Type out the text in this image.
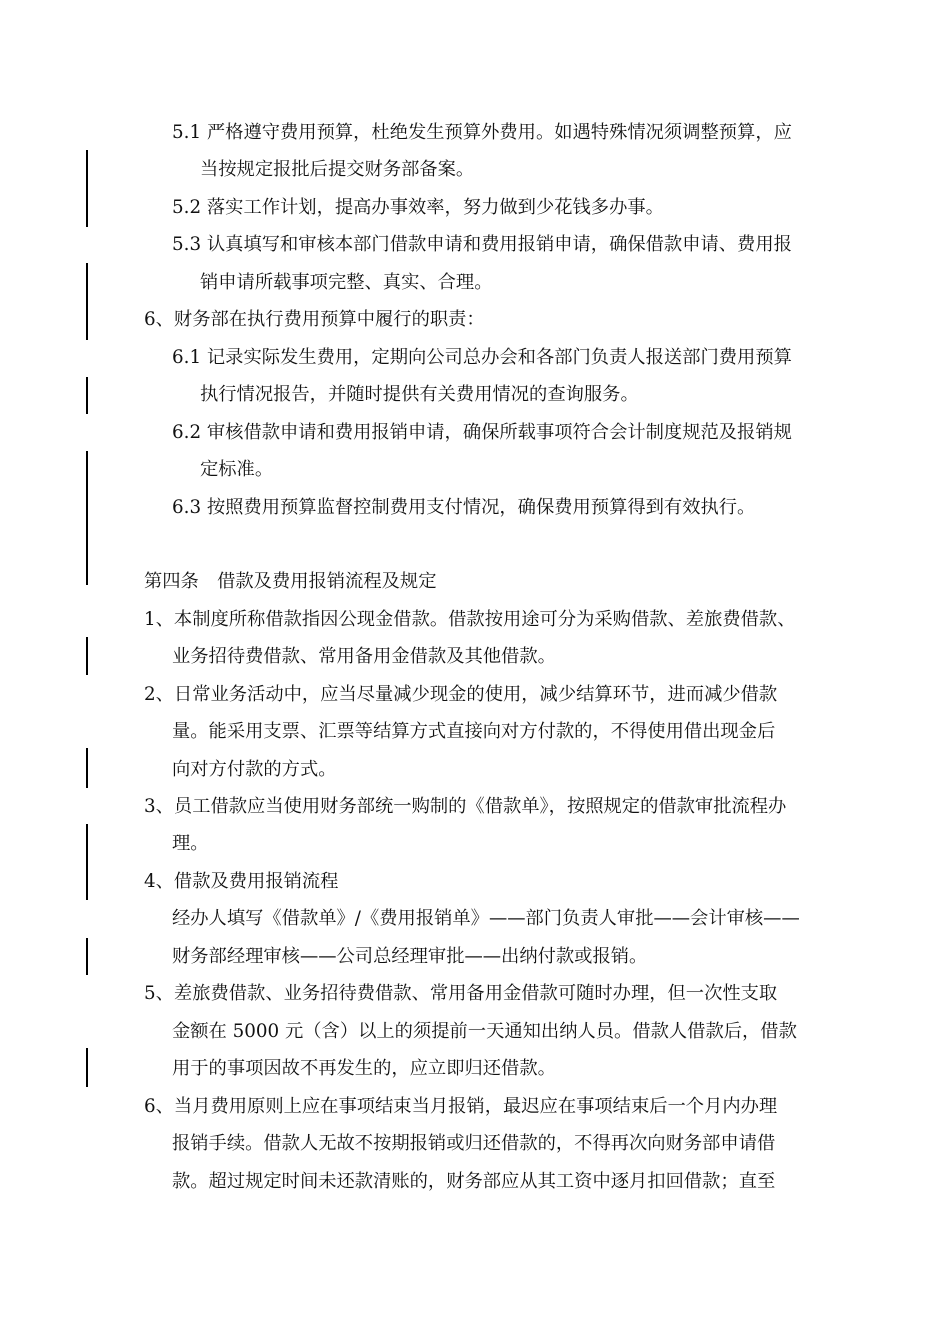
5.1 严格遵守费用预算，杜绝发生预算外费用。如遇特殊情况须调整预算，应
当按规定报批后提交财务部备案。
5.2 落实工作计划，提高办事效率，努力做到少花钱多办事。
5.3 认真填写和审核本部门借款申请和费用报销申请，确保借款申请、费用报
销申请所载事项完整、真实、合理。
6、财务部在执行费用预算中履行的职责：
6.1 记录实际发生费用，定期向公司总办会和各部门负责人报送部门费用预算
执行情况报告，并随时提供有关费用情况的查询服务。
6.2 审核借款申请和费用报销申请，确保所载事项符合会计制度规范及报销规
定标准。
6.3 按照费用预算监督控制费用支付情况，确保费用预算得到有效执行。
第四条　借款及费用报销流程及规定
1、本制度所称借款指因公现金借款。借款按用途可分为采购借款、差旅费借款、
业务招待费借款、常用备用金借款及其他借款。
2、日常业务活动中，应当尽量减少现金的使用，减少结算环节，进而减少借款
量。能采用支票、汇票等结算方式直接向对方付款的，不得使用借出现金后
向对方付款的方式。
3、员工借款应当使用财务部统一购制的《借款单》，按照规定的借款审批流程办
理。
4、借款及费用报销流程
经办人填写《借款单》/《费用报销单》——部门负责人审批——会计审核——
财务部经理审核——公司总经理审批——出纳付款或报销。
5、差旅费借款、业务招待费借款、常用备用金借款可随时办理，但一次性支取
金额在 5000 元（含）以上的须提前一天通知出纳人员。借款人借款后，借款
用于的事项因故不再发生的，应立即归还借款。
6、当月费用原则上应在事项结束当月报销，最迟应在事项结束后一个月内办理
报销手续。借款人无故不按期报销或归还借款的，不得再次向财务部申请借
款。超过规定时间未还款清账的，财务部应从其工资中逐月扣回借款；直至
